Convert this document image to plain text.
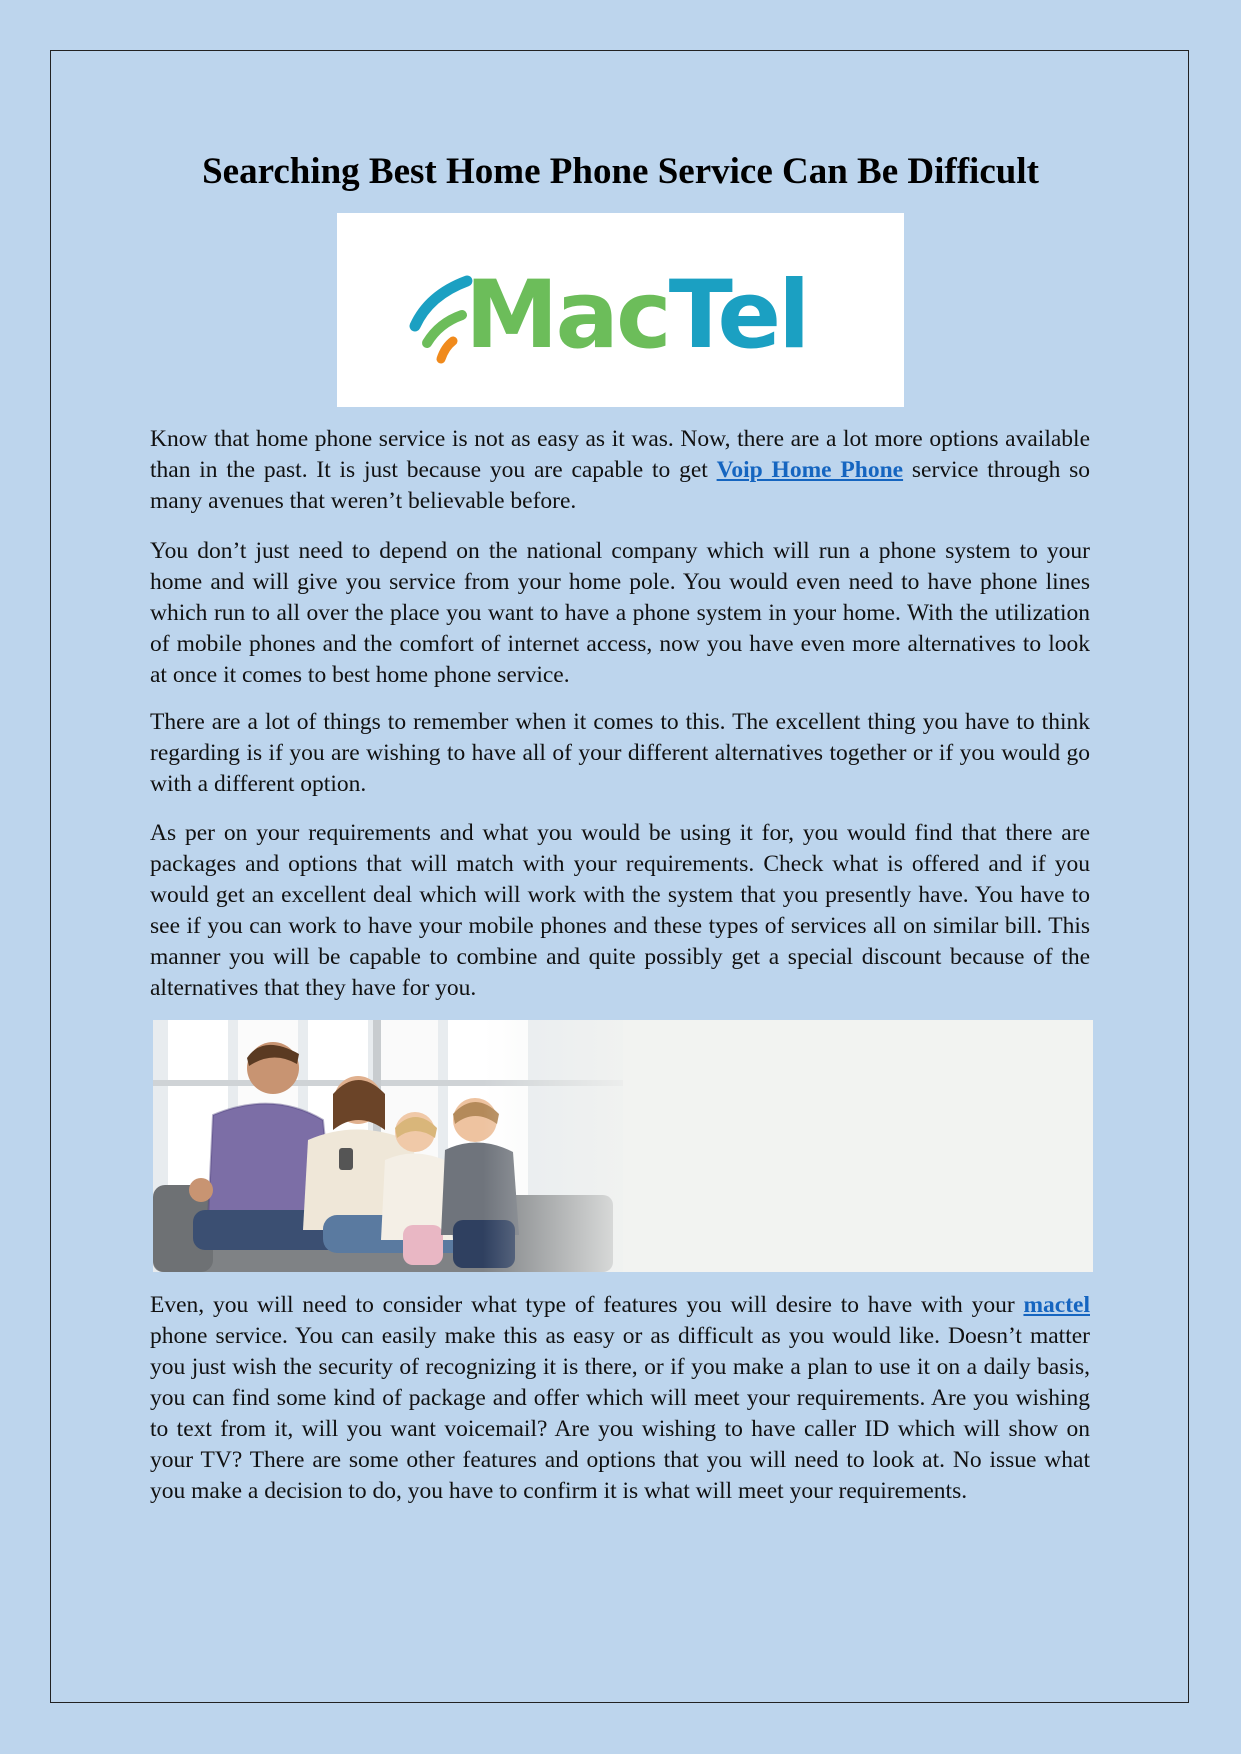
Searching Best Home Phone Service Can Be Difficult
MacTel

Know that home phone service is not as easy as it was. Now, there are a lot more options available than in the past. It is just because you are capable to get Voip Home Phone service through so many avenues that weren’t believable before.

You don’t just need to depend on the national company which will run a phone system to your home and will give you service from your home pole. You would even need to have phone lines which run to all over the place you want to have a phone system in your home. With the utilization of mobile phones and the comfort of internet access, now you have even more alternatives to look at once it comes to best home phone service.

There are a lot of things to remember when it comes to this. The excellent thing you have to think regarding is if you are wishing to have all of your different alternatives together or if you would go with a different option.

As per on your requirements and what you would be using it for, you would find that there are packages and options that will match with your requirements. Check what is offered and if you would get an excellent deal which will work with the system that you presently have. You have to see if you can work to have your mobile phones and these types of services all on similar bill. This manner you will be capable to combine and quite possibly get a special discount because of the alternatives that they have for you.

Even, you will need to consider what type of features you will desire to have with your mactel phone service. You can easily make this as easy or as difficult as you would like. Doesn’t matter you just wish the security of recognizing it is there, or if you make a plan to use it on a daily basis, you can find some kind of package and offer which will meet your requirements. Are you wishing to text from it, will you want voicemail? Are you wishing to have caller ID which will show on your TV? There are some other features and options that you will need to look at. No issue what you make a decision to do, you have to confirm it is what will meet your requirements.
